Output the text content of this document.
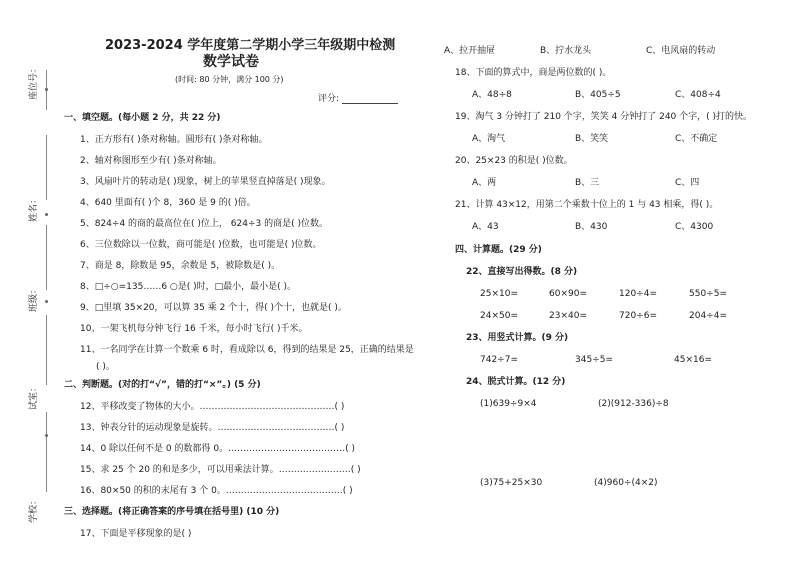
座位号：
姓名：
班级：
试室：
学校：
2023-2024 学年度第二学期小学三年级期中检测
数学试卷
(时间: 80 分钟，满分 100 分)
评分:
一、填空题。(每小题 2 分，共 22 分)
1、正方形有( )条对称轴。圆形有( )条对称轴。
2、轴对称图形至少有( )条对称轴。
3、风扇叶片的转动是( )现象，树上的苹果竖直掉落是( )现象。
4、640 里面有( )个 8，360 是 9 的( )倍。
5、824÷4 的商的最高位在( )位上， 624÷3 的商是( )位数。
6、三位数除以一位数，商可能是( )位数，也可能是( )位数。
7、商是 8，除数是 95，余数是 5，被除数是( )。
8、□÷○=135……6 ○是( )时，□最小，最小是( )。
9、□里填 35×20，可以算 35 乘 2 个十，得( )个十，也就是( )。
10、一架飞机每分钟飞行 16 千米，每小时飞行( )千米。
11、一名同学在计算一个数乘 6 时，看成除以 6，得到的结果是 25，正确的结果是
( )。
二、判断题。(对的打“√”，错的打“×”。) (5 分)
12、平移改变了物体的大小。………………………………………( )
13、钟表分针的运动现象是旋转。…………………………………( )
14、0 除以任何不是 0 的数都得 0。…………………………………( )
15、求 25 个 20 的和是多少，可以用乘法计算。……………………( )
16、80×50 的积的末尾有 3 个 0。…………………………………( )
三、选择题。(将正确答案的序号填在括号里) (10 分)
17、下面是平移现象的是( )
A、拉开抽屉	B、拧水龙头	C、电风扇的转动
18、下面的算式中，商是两位数的( )。
A、48÷8	B、405÷5	C、408÷4
19、淘气 3 分钟打了 210 个字，笑笑 4 分钟打了 240 个字，( )打的快。
A、淘气	B、笑笑	C、不确定
20、25×23 的积是( )位数。
A、两	B、三	C、四
21、计算 43×12，用第二个乘数十位上的 1 与 43 相乘，得( )。
A、43	B、430	C、4300
四、计算题。(29 分)
22、直接写出得数。(8 分)
25×10=	60×90=	120÷4=	550÷5=
24×50=	23×40=	720÷6=	204÷4=
23、用竖式计算。(9 分)
742÷7=	345÷5=	45×16=
24、脱式计算。(12 分)
(1)639÷9×4	(2)(912-336)÷8
(3)75+25×30	(4)960÷(4×2)
